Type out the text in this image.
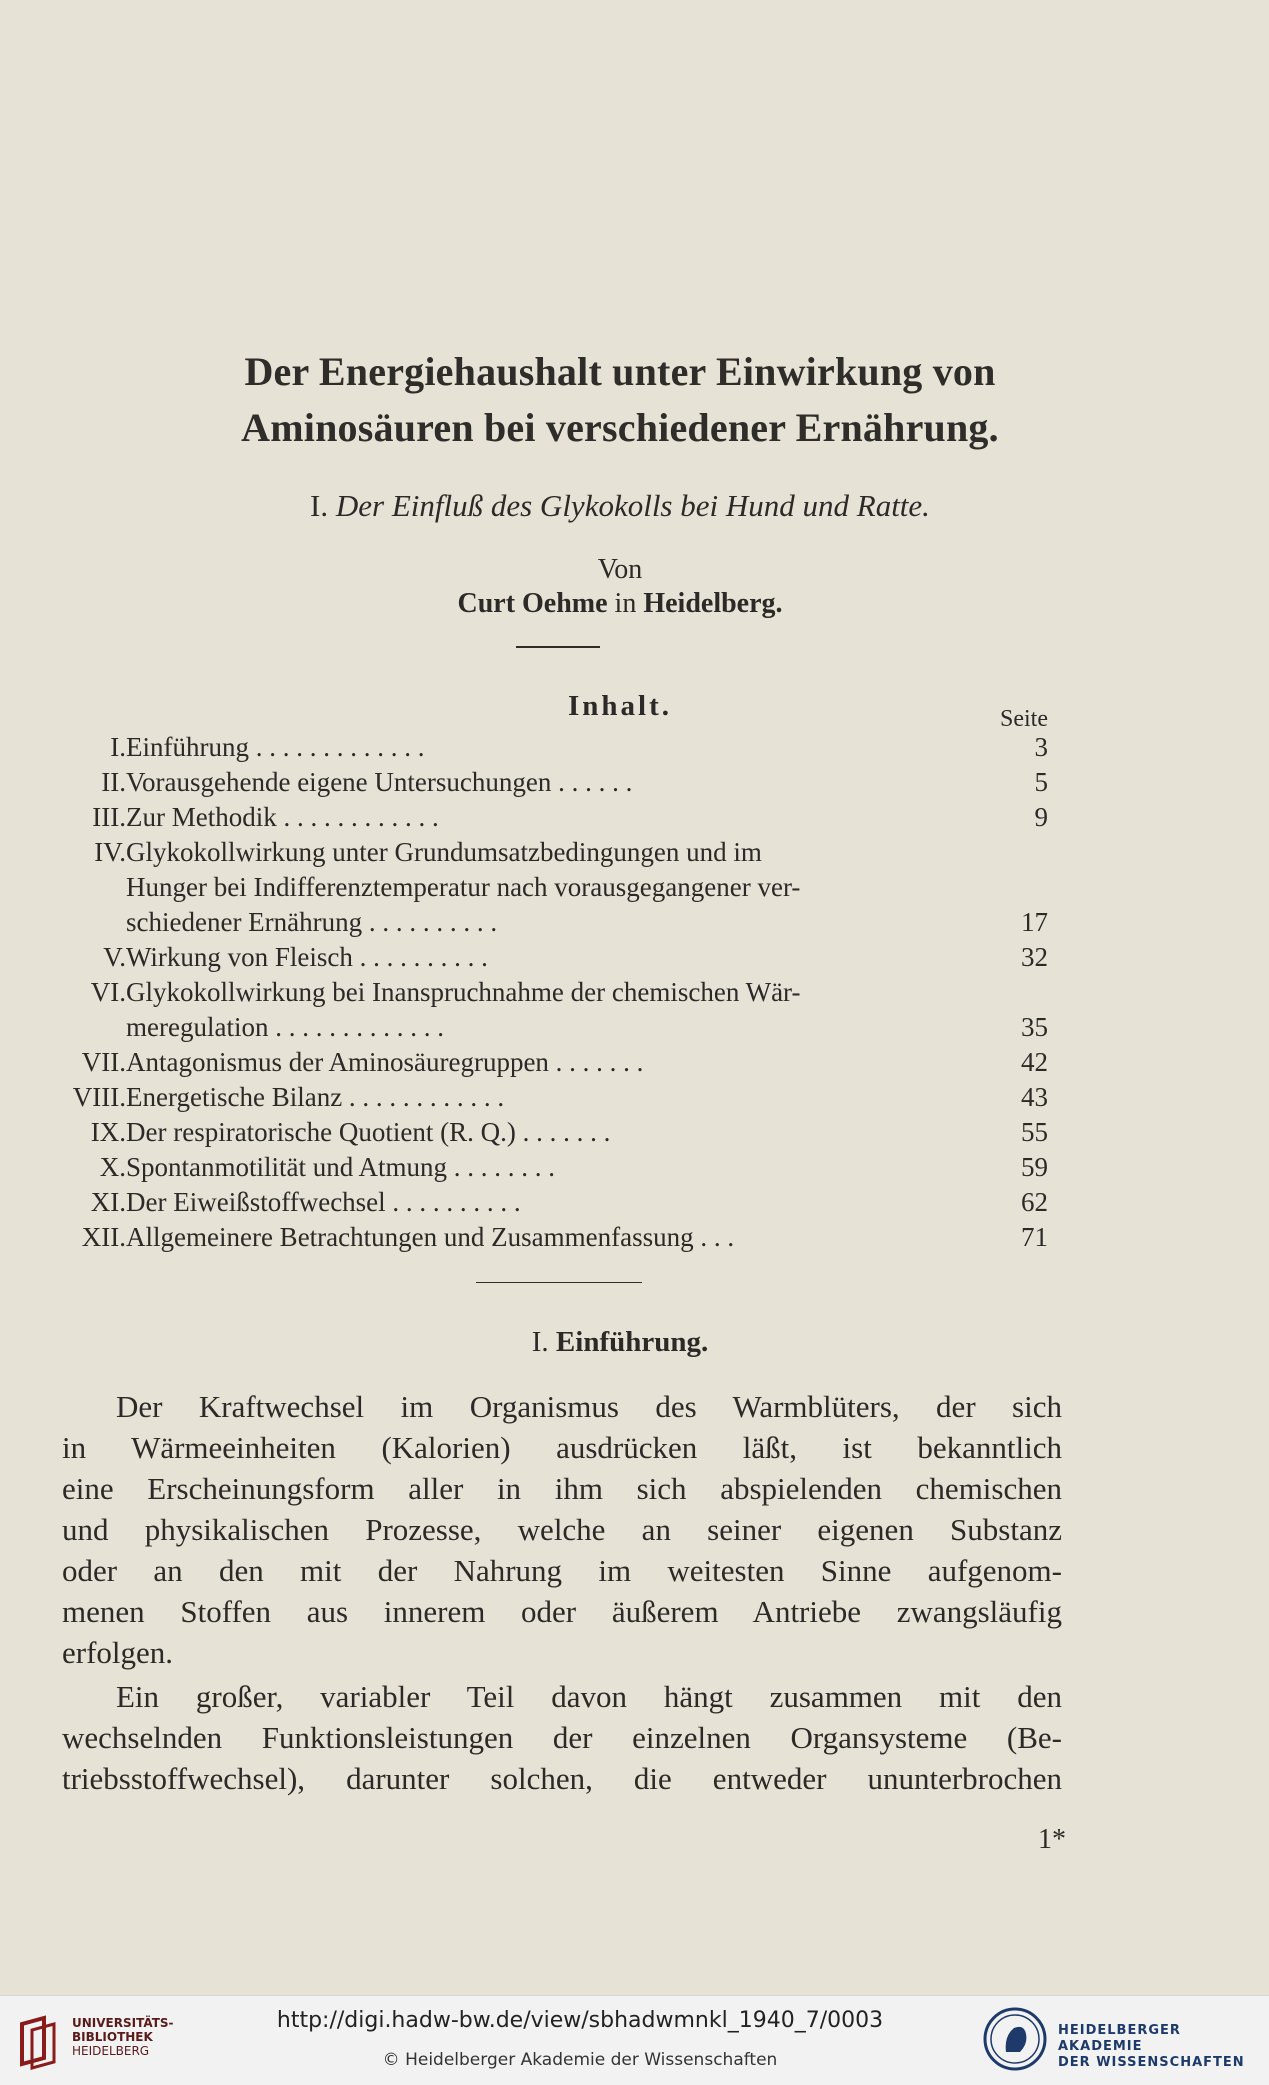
Der Energiehaushalt unter Einwirkung von
Aminosäuren bei verschiedener Ernährung.
I. Der Einfluß des Glykokolls bei Hund und Ratte.
Von
Curt Oehme in Heidelberg.
Inhalt.	Seite
I. Einführung . . . . . . . . . . . . .	3
II. Vorausgehende eigene Untersuchungen . . . . . .	5
III. Zur Methodik . . . . . . . . . . . .	9
IV. Glykokollwirkung unter Grundumsatzbedingungen und im
Hunger bei Indifferenztemperatur nach vorausgegangener ver-
schiedener Ernährung . . . . . . . . . .	17
V. Wirkung von Fleisch . . . . . . . . . .	32
VI. Glykokollwirkung bei Inanspruchnahme der chemischen Wär-
meregulation . . . . . . . . . . . . .	35
VII. Antagonismus der Aminosäuregruppen . . . . . . .	42
VIII. Energetische Bilanz . . . . . . . . . . . .	43
IX. Der respiratorische Quotient (R. Q.) . . . . . . .	55
X. Spontanmotilität und Atmung . . . . . . . .	59
XI. Der Eiweißstoffwechsel . . . . . . . . . .	62
XII. Allgemeinere Betrachtungen und Zusammenfassung . . .	71
I. Einführung.
Der Kraftwechsel im Organismus des Warmblüters, der sich
in Wärmeeinheiten (Kalorien) ausdrücken läßt, ist bekanntlich
eine Erscheinungsform aller in ihm sich abspielenden chemischen
und physikalischen Prozesse, welche an seiner eigenen Substanz
oder an den mit der Nahrung im weitesten Sinne aufgenom-
menen Stoffen aus innerem oder äußerem Antriebe zwangsläufig
erfolgen.
Ein großer, variabler Teil davon hängt zusammen mit den
wechselnden Funktionsleistungen der einzelnen Organsysteme (Be-
triebsstoffwechsel), darunter solchen, die entweder ununterbrochen
1*
UNIVERSITÄTS-
BIBLIOTHEK
HEIDELBERG
http://digi.hadw-bw.de/view/sbhadwmnkl_1940_7/0003
© Heidelberger Akademie der Wissenschaften
HEIDELBERGER AKADEMIE
DER WISSENSCHAFTEN
